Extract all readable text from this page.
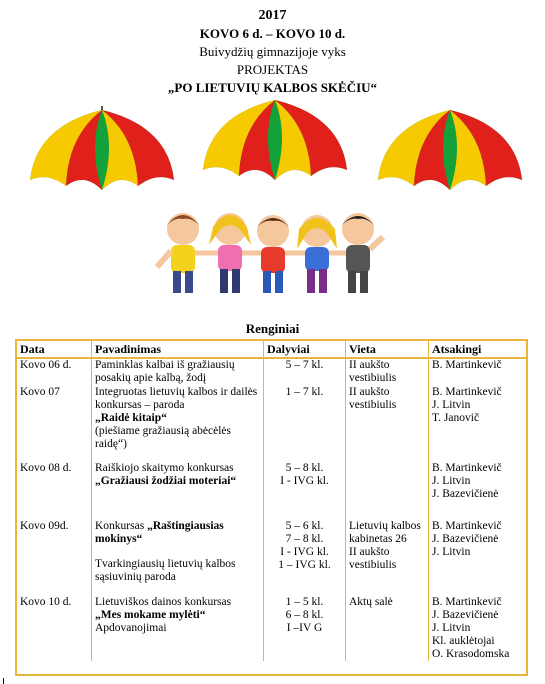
2017
KOVO 6 d. – KOVO 10 d.
Buivydžių gimnazijoje vyks
PROJEKTAS
„PO LIETUVIŲ KALBOS SKĖČIU“
Renginiai
Data	Pavadinimas	Dalyviai	Vieta	Atsakingi
Kovo 06 d.	Paminklas kalbai iš gražiausių posakių apie kalbą, žodį	5 – 7 kl.	II aukšto vestibiulis	B. Martinkevič

Kovo 07	Integruotas lietuvių kalbos ir dailės konkursas – paroda
„Raidė kitaip“
(piešiame gražiausią abėcėlės raidę“)	1 – 7 kl.	II aukšto vestibiulis	B. Martinkevič
J. Litvin
T. Janovič

Kovo 08 d.	Raiškiojo skaitymo konkursas
„Gražiausi žodžiai moteriai“	5 – 8 kl.
I - IVG kl.		B. Martinkevič
J. Litvin
J. Bazevičienė

Kovo 09d.	Konkursas „Raštingiausias mokinys“
Tvarkingiausių lietuvių kalbos sąsiuvinių paroda	5 – 6 kl.
7 – 8 kl.
I - IVG kl.
1 – IVG kl.	Lietuvių kalbos kabinetas 26
II aukšto vestibiulis	B. Martinkevič
J. Bazevičienė
J. Litvin

Kovo 10 d.	Lietuviškos dainos konkursas
„Mes mokame mylėti“
Apdovanojimai	1 – 5 kl.
6 – 8 kl.
I –IV G	Aktų salė	B. Martinkevič
J. Bazevičienė
J. Litvin
Kl. auklėtojai
O. Krasodomska
